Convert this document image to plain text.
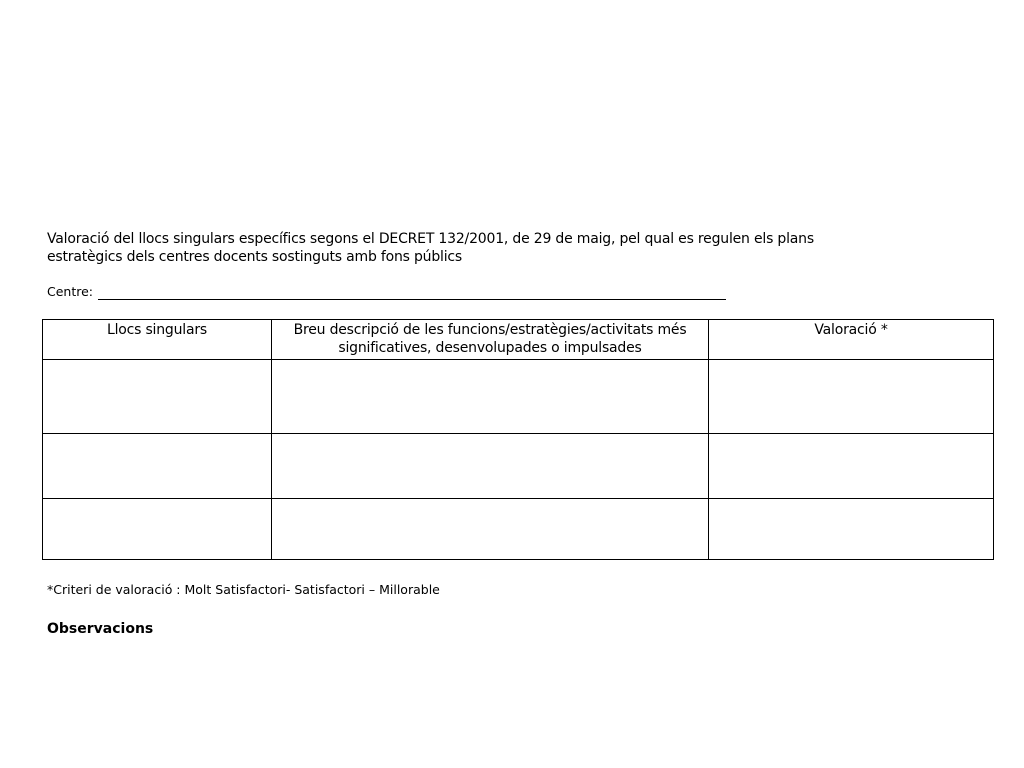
Valoració del llocs singulars específics segons el DECRET 132/2001, de 29 de maig, pel qual es regulen els plans
estratègics dels centres docents sostinguts amb fons públics
Centre:
Llocs singulars	Breu descripció de les funcions/estratègies/activitats més significatives, desenvolupades o impulsades	Valoració *

*Criteri de valoració : Molt Satisfactori- Satisfactori – Millorable
Observacions
